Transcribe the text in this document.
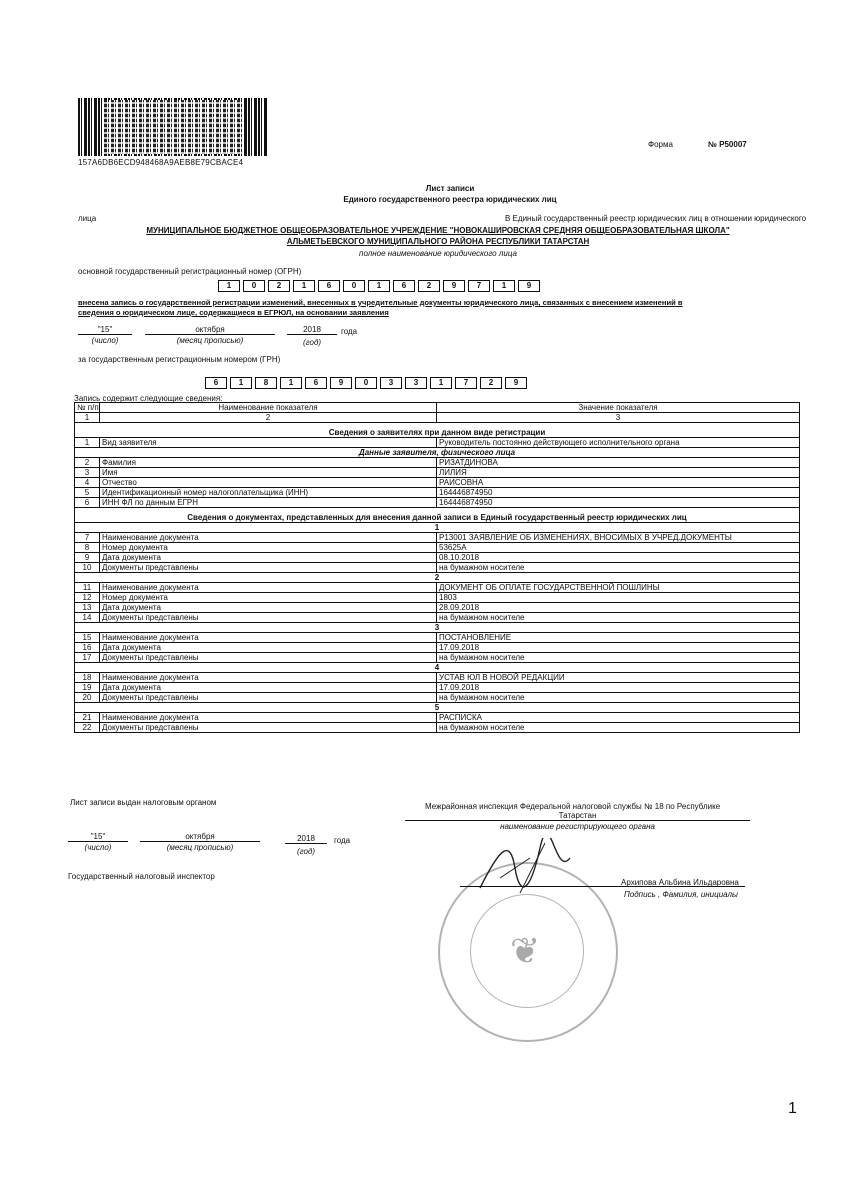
157A6DB6ECD948468A9AEB8E79CBACE4
Форма	№ Р50007
Лист записи
Единого государственного реестра юридических лиц
В Единый государственный реестр юридических лиц в отношении юридического
лица
МУНИЦИПАЛЬНОЕ БЮДЖЕТНОЕ ОБЩЕОБРАЗОВАТЕЛЬНОЕ УЧРЕЖДЕНИЕ "НОВОКАШИРОВСКАЯ СРЕДНЯЯ ОБЩЕОБРАЗОВАТЕЛЬНАЯ ШКОЛА"
АЛЬМЕТЬЕВСКОГО МУНИЦИПАЛЬНОГО РАЙОНА РЕСПУБЛИКИ ТАТАРСТАН
полное наименование юридического лица
основной государственный регистрационный номер (ОГРН)
1	0	2	1	6	0	1	6	2	9	7	1	9
внесена запись о государственной регистрации изменений, внесенных в учредительные документы юридического лица, связанных с внесением изменений в
сведения о юридическом лице, содержащиеся в ЕГРЮЛ, на основании заявления
"15"	октября	2018	года
(число)	(месяц прописью)	(год)
за государственным регистрационным номером (ГРН)
6	1	8	1	6	9	0	3	3	1	7	2	9
Запись содержит следующие сведения:
№ п/п	Наименование показателя	Значение показателя
1	2	3
Сведения о заявителях при данном виде регистрации		
1	Вид заявителя	Руководитель постоянно действующего исполнительного органа
Данные заявителя, физического лица		
2	Фамилия	РИЗАТДИНОВА
3	Имя	ЛИЛИЯ
4	Отчество	РАИСОВНА
5	Идентификационный номер налогоплательщика (ИНН)	164446874950
6	ИНН ФЛ по данным ЕГРН	164446874950
Сведения о документах, представленных для внесения данной записи в Единый государственный реестр юридических лиц		
1		
7	Наименование документа	Р13001 ЗАЯВЛЕНИЕ ОБ ИЗМЕНЕНИЯХ, ВНОСИМЫХ В УЧРЕД.ДОКУМЕНТЫ
8	Номер документа	53625А
9	Дата документа	08.10.2018
10	Документы представлены	на бумажном носителе
2		
11	Наименование документа	ДОКУМЕНТ ОБ ОПЛАТЕ ГОСУДАРСТВЕННОЙ ПОШЛИНЫ
12	Номер документа	1803
13	Дата документа	28.09.2018
14	Документы представлены	на бумажном носителе
3		
15	Наименование документа	ПОСТАНОВЛЕНИЕ
16	Дата документа	17.09.2018
17	Документы представлены	на бумажном носителе
4		
18	Наименование документа	УСТАВ ЮЛ В НОВОЙ РЕДАКЦИИ
19	Дата документа	17.09.2018
20	Документы представлены	на бумажном носителе
5		
21	Наименование документа	РАСПИСКА
22	Документы представлены	на бумажном носителе
Лист записи выдан налоговым органом	Межрайонная инспекция Федеральной налоговой службы № 18 по Республике
Татарстан
наименование регистрирующего органа
"15"	октября	2018	года
(число)	(месяц прописью)	(год)
Государственный налоговый инспектор
❦
Архипова Альбина Ильдаровна
Подпись , Фамилия, инициалы
1
